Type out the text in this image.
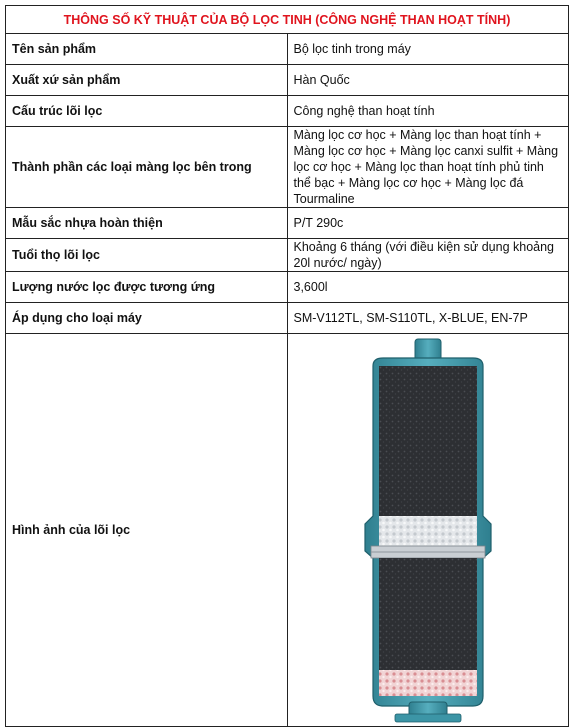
THÔNG SỐ KỸ THUẬT CỦA BỘ LỌC TINH (CÔNG NGHỆ THAN HOẠT TÍNH)	
Tên sản phẩm	Bộ lọc tinh trong máy
Xuất xứ sản phẩm	Hàn Quốc
Cấu trúc lõi lọc	Công nghệ than hoạt tính
Thành phần các loại màng lọc bên trong	Màng lọc cơ học + Màng lọc than hoạt tính + Màng lọc cơ học + Màng lọc canxi sulfit + Màng lọc cơ học + Màng lọc than hoạt tính phủ tinh thể bạc + Màng lọc cơ học + Màng lọc đá Tourmaline
Mẫu sắc nhựa hoàn thiện	P/T 290c
Tuổi thọ lõi lọc	Khoảng 6 tháng (với điều kiện sử dụng khoảng 20l nước/ ngày)
Lượng nước lọc được tương ứng	3,600l
Áp dụng cho loại máy	SM-V112TL, SM-S110TL, X-BLUE, EN-7P
Hình ảnh của lõi lọc	
